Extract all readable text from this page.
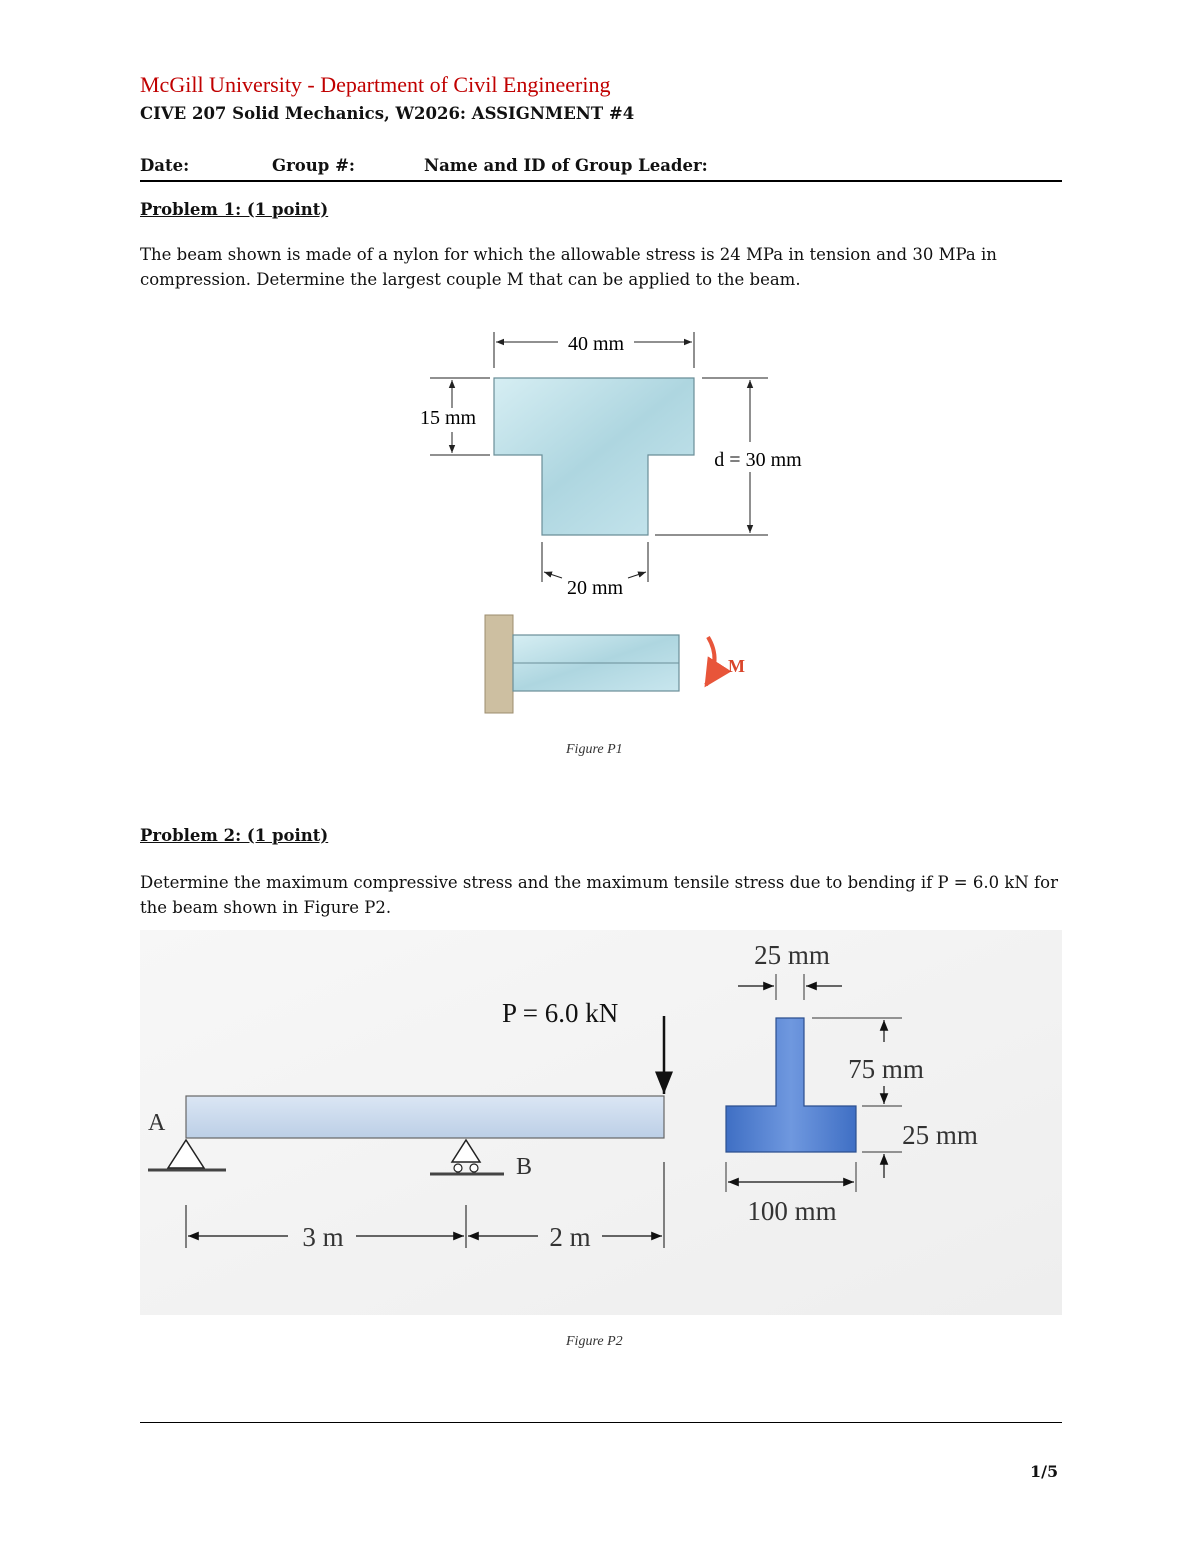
McGill University - Department of Civil Engineering
CIVE 207 Solid Mechanics, W2026: ASSIGNMENT #4
Date:	Group #:	Name and ID of Group Leader:
Problem 1: (1 point)
The beam shown is made of a nylon for which the allowable stress is 24 MPa in tension and 30 MPa in compression. Determine the largest couple M that can be applied to the beam.
40 mm
15 mm
d = 30 mm
20 mm
M
Figure P1
Problem 2: (1 point)
Determine the maximum compressive stress and the maximum tensile stress due to bending if P = 6.0 kN for the beam shown in Figure P2.
A
B
P = 6.0 kN
3 m	2 m
25 mm
75 mm
25 mm
100 mm
Figure P2
1/5
